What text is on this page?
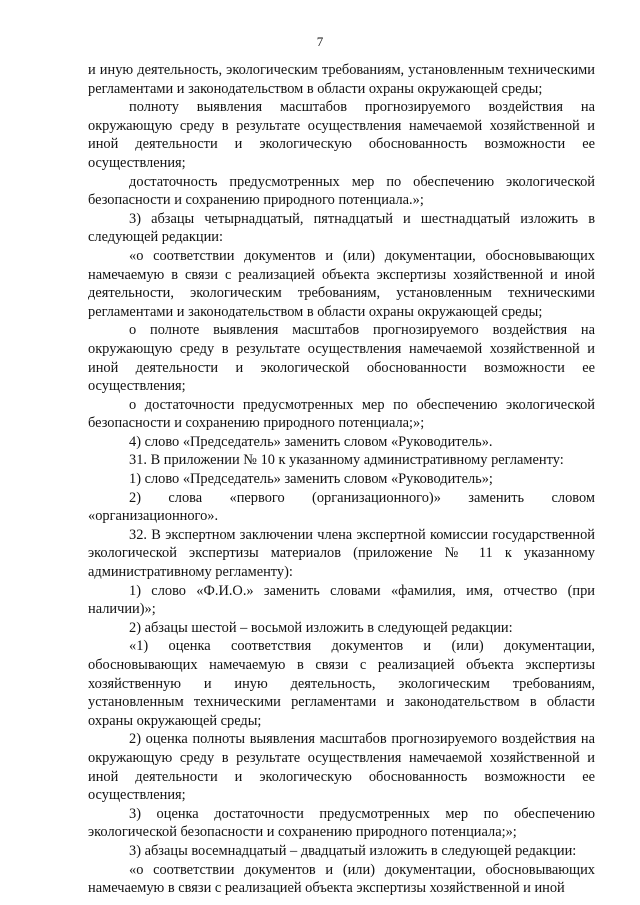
7

и иную деятельность, экологическим требованиям, установленным техническими регламентами и законодательством в области охраны окружающей среды;

полноту выявления масштабов прогнозируемого воздействия на окружающую среду в результате осуществления намечаемой хозяйственной и иной деятельности и экологическую обоснованность возможности ее осуществления;

достаточность предусмотренных мер по обеспечению экологической безопасности и сохранению природного потенциала.»;

3) абзацы четырнадцатый, пятнадцатый и шестнадцатый изложить в следующей редакции:

«о соответствии документов и (или) документации, обосновывающих намечаемую в связи с реализацией объекта экспертизы хозяйственной и иной деятельности, экологическим требованиям, установленным техническими регламентами и законодательством в области охраны окружающей среды;

о полноте выявления масштабов прогнозируемого воздействия на окружающую среду в результате осуществления намечаемой хозяйственной и иной деятельности и экологической обоснованности возможности ее осуществления;

о достаточности предусмотренных мер по обеспечению экологической безопасности и сохранению природного потенциала;»;

4) слово «Председатель» заменить словом «Руководитель».

31. В приложении № 10 к указанному административному регламенту:

1) слово «Председатель» заменить словом «Руководитель»;

2) слова «первого (организационного)» заменить словом «организационного».

32. В экспертном заключении члена экспертной комиссии государственной экологической экспертизы материалов (приложение № 11 к указанному административному регламенту):

1) слово «Ф.И.О.» заменить словами «фамилия, имя, отчество (при наличии)»;

2) абзацы шестой – восьмой изложить в следующей редакции:

«1) оценка соответствия документов и (или) документации, обосновывающих намечаемую в связи с реализацией объекта экспертизы хозяйственную и иную деятельность, экологическим требованиям, установленным техническими регламентами и законодательством в области охраны окружающей среды;

2) оценка полноты выявления масштабов прогнозируемого воздействия на окружающую среду в результате осуществления намечаемой хозяйственной и иной деятельности и экологическую обоснованность возможности ее осуществления;

3) оценка достаточности предусмотренных мер по обеспечению экологической безопасности и сохранению природного потенциала;»;

3) абзацы восемнадцатый – двадцатый изложить в следующей редакции:

«о соответствии документов и (или) документации, обосновывающих намечаемую в связи с реализацией объекта экспертизы хозяйственной и иной
